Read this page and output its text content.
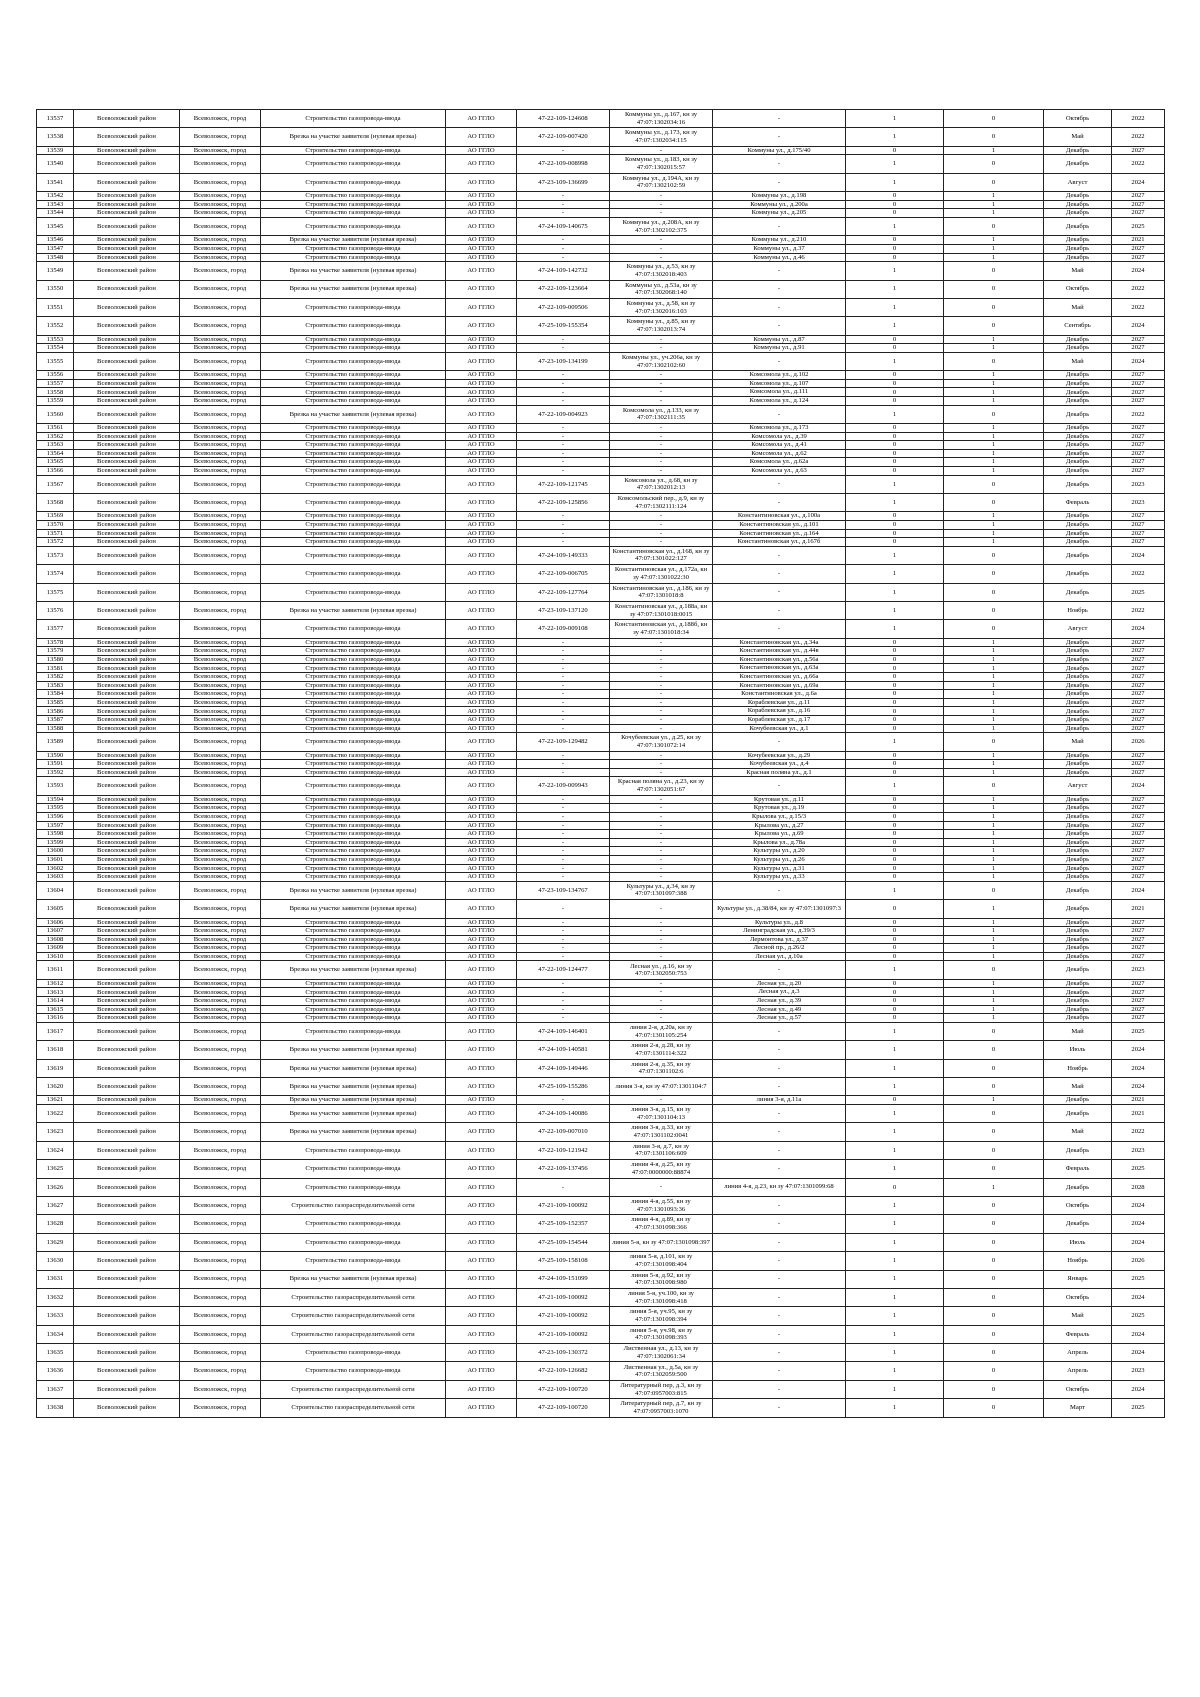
13537	Всеволожский район	Всеволожск, город	Строительство газопровода-ввода	АО ГГЛО	47-22-109-124608	Коммуны ул., д.167, кн зу 47:07:1302034:16	-	1	0	Октябрь	2022
13538	Всеволожский район	Всеволожск, город	Врезка на участке заявителя (нулевая врезка)	АО ГГЛО	47-22-109-007420	Коммуны ул., д.173, кн зу 47:07:1302034:115	-	1	0	Май	2022
13539	Всеволожский район	Всеволожск, город	Строительство газопровода-ввода	АО ГГЛО	-	-	Коммуны ул., д.175/40	0	1	Декабрь	2027
13540	Всеволожский район	Всеволожск, город	Строительство газопровода-ввода	АО ГГЛО	47-22-109-008998	Коммуны ул., д.183, кн зу 47:07:1302015:57	-	1	0	Декабрь	2022
13541	Всеволожский район	Всеволожск, город	Строительство газопровода-ввода	АО ГГЛО	47-23-109-136699	Коммуны ул., д.194А, кн зу 47:07:1302102:59	-	1	0	Август	2024
13542	Всеволожский район	Всеволожск, город	Строительство газопровода-ввода	АО ГГЛО	-	-	Коммуны ул., д.198	0	1	Декабрь	2027
13543	Всеволожский район	Всеволожск, город	Строительство газопровода-ввода	АО ГГЛО	-	-	Коммуны ул., д.200а	0	1	Декабрь	2027
13544	Всеволожский район	Всеволожск, город	Строительство газопровода-ввода	АО ГГЛО	-	-	Коммуны ул., д.205	0	1	Декабрь	2027
13545	Всеволожский район	Всеволожск, город	Строительство газопровода-ввода	АО ГГЛО	47-24-109-140675	Коммуны ул., д.208А, кн зу 47:07:1302102:375	-	1	0	Декабрь	2025
13546	Всеволожский район	Всеволожск, город	Врезка на участке заявителя (нулевая врезка)	АО ГГЛО	-	-	Коммуны ул., д.210	0	1	Декабрь	2021
13547	Всеволожский район	Всеволожск, город	Строительство газопровода-ввода	АО ГГЛО	-	-	Коммуны ул., д.37	0	1	Декабрь	2027
13548	Всеволожский район	Всеволожск, город	Строительство газопровода-ввода	АО ГГЛО	-	-	Коммуны ул., д.46	0	1	Декабрь	2027
13549	Всеволожский район	Всеволожск, город	Врезка на участке заявителя (нулевая врезка)	АО ГГЛО	47-24-109-142732	Коммуны ул., д.53, кн зу 47:07:1302018:403	-	1	0	Май	2024
13550	Всеволожский район	Всеволожск, город	Врезка на участке заявителя (нулевая врезка)	АО ГГЛО	47-22-109-123664	Коммуны ул., д.53а, кн зу 47:07:1302068:140	-	1	0	Октябрь	2022
13551	Всеволожский район	Всеволожск, город	Строительство газопровода-ввода	АО ГГЛО	47-22-109-009506	Коммуны ул., д.58, кн зу 47:07:1302016:103	-	1	0	Май	2022
13552	Всеволожский район	Всеволожск, город	Строительство газопровода-ввода	АО ГГЛО	47-25-109-155354	Коммуны ул., д.85, кн зу 47:07:1302013:74	-	1	0	Сентябрь	2024
13553	Всеволожский район	Всеволожск, город	Строительство газопровода-ввода	АО ГГЛО	-	-	Коммуны ул., д.87	0	1	Декабрь	2027
13554	Всеволожский район	Всеволожск, город	Строительство газопровода-ввода	АО ГГЛО	-	-	Коммуны ул., д.91	0	1	Декабрь	2027
13555	Всеволожский район	Всеволожск, город	Строительство газопровода-ввода	АО ГГЛО	47-23-109-134199	Коммуны ул., уч.206а, кн зу 47:07:1302102:60	-	1	0	Май	2024
13556	Всеволожский район	Всеволожск, город	Строительство газопровода-ввода	АО ГГЛО	-	-	Комсомола ул., д.102	0	1	Декабрь	2027
13557	Всеволожский район	Всеволожск, город	Строительство газопровода-ввода	АО ГГЛО	-	-	Комсомола ул., д.107	0	1	Декабрь	2027
13558	Всеволожский район	Всеволожск, город	Строительство газопровода-ввода	АО ГГЛО	-	-	Комсомола ул., д.111	0	1	Декабрь	2027
13559	Всеволожский район	Всеволожск, город	Строительство газопровода-ввода	АО ГГЛО	-	-	Комсомола ул., д.124	0	1	Декабрь	2027
13560	Всеволожский район	Всеволожск, город	Врезка на участке заявителя (нулевая врезка)	АО ГГЛО	47-22-109-004923	Комсомола ул., д.133, кн зу 47:07:1302111:35	-	1	0	Декабрь	2022
13561	Всеволожский район	Всеволожск, город	Строительство газопровода-ввода	АО ГГЛО	-	-	Комсомола ул., д.173	0	1	Декабрь	2027
13562	Всеволожский район	Всеволожск, город	Строительство газопровода-ввода	АО ГГЛО	-	-	Комсомола ул., д.39	0	1	Декабрь	2027
13563	Всеволожский район	Всеволожск, город	Строительство газопровода-ввода	АО ГГЛО	-	-	Комсомола ул., д.41	0	1	Декабрь	2027
13564	Всеволожский район	Всеволожск, город	Строительство газопровода-ввода	АО ГГЛО	-	-	Комсомола ул., д.62	0	1	Декабрь	2027
13565	Всеволожский район	Всеволожск, город	Строительство газопровода-ввода	АО ГГЛО	-	-	Комсомола ул., д.62а	0	1	Декабрь	2027
13566	Всеволожский район	Всеволожск, город	Строительство газопровода-ввода	АО ГГЛО	-	-	Комсомола ул., д.63	0	1	Декабрь	2027
13567	Всеволожский район	Всеволожск, город	Строительство газопровода-ввода	АО ГГЛО	47-22-109-121745	Комсомола ул., д.68, кн зу 47:07:1302012:13	-	1	0	Декабрь	2023
13568	Всеволожский район	Всеволожск, город	Строительство газопровода-ввода	АО ГГЛО	47-22-109-125856	Комсомольский пер., д.9, кн зу 47:07:1302111:124	-	1	0	Февраль	2023
13569	Всеволожский район	Всеволожск, город	Строительство газопровода-ввода	АО ГГЛО	-	-	Константиновская ул., д.100а	0	1	Декабрь	2027
13570	Всеволожский район	Всеволожск, город	Строительство газопровода-ввода	АО ГГЛО	-	-	Константиновская ул., д.101	0	1	Декабрь	2027
13571	Всеволожский район	Всеволожск, город	Строительство газопровода-ввода	АО ГГЛО	-	-	Константиновская ул., д.164	0	1	Декабрь	2027
13572	Всеволожский район	Всеволожск, город	Строительство газопровода-ввода	АО ГГЛО	-	-	Константиновская ул., д.167б	0	1	Декабрь	2027
13573	Всеволожский район	Всеволожск, город	Строительство газопровода-ввода	АО ГГЛО	47-24-109-149333	Константиновская ул., д.168, кн зу 47:07:1301022:127	-	1	0	Декабрь	2024
13574	Всеволожский район	Всеволожск, город	Строительство газопровода-ввода	АО ГГЛО	47-22-109-006705	Константиновская ул., д.172а, кн зу 47:07:1301022:30	-	1	0	Декабрь	2022
13575	Всеволожский район	Всеволожск, город	Строительство газопровода-ввода	АО ГГЛО	47-22-109-127764	Константиновская ул., д.186, кн зу 47:07:1301018:8	-	1	0	Декабрь	2025
13576	Всеволожский район	Всеволожск, город	Врезка на участке заявителя (нулевая врезка)	АО ГГЛО	47-23-109-137120	Константиновская ул., д.188а, кн зу 47:07:1301018:0015	-	1	0	Ноябрь	2022
13577	Всеволожский район	Всеволожск, город	Строительство газопровода-ввода	АО ГГЛО	47-22-109-009108	Константиновская ул., д.188б, кн зу 47:07:1301018:34	-	1	0	Август	2024
13578	Всеволожский район	Всеволожск, город	Строительство газопровода-ввода	АО ГГЛО	-	-	Константиновская ул., д.34а	0	1	Декабрь	2027
13579	Всеволожский район	Всеволожск, город	Строительство газопровода-ввода	АО ГГЛО	-	-	Константиновская ул., д.44в	0	1	Декабрь	2027
13580	Всеволожский район	Всеволожск, город	Строительство газопровода-ввода	АО ГГЛО	-	-	Константиновская ул., д.56а	0	1	Декабрь	2027
13581	Всеволожский район	Всеволожск, город	Строительство газопровода-ввода	АО ГГЛО	-	-	Константиновская ул., д.63а	0	1	Декабрь	2027
13582	Всеволожский район	Всеволожск, город	Строительство газопровода-ввода	АО ГГЛО	-	-	Константиновская ул., д.66а	0	1	Декабрь	2027
13583	Всеволожский район	Всеволожск, город	Строительство газопровода-ввода	АО ГГЛО	-	-	Константиновская ул., д.69а	0	1	Декабрь	2027
13584	Всеволожский район	Всеволожск, город	Строительство газопровода-ввода	АО ГГЛО	-	-	Константиновская ул., д.6а	0	1	Декабрь	2027
13585	Всеволожский район	Всеволожск, город	Строительство газопровода-ввода	АО ГГЛО	-	-	Кораблевская ул., д.11	0	1	Декабрь	2027
13586	Всеволожский район	Всеволожск, город	Строительство газопровода-ввода	АО ГГЛО	-	-	Кораблевская ул., д.16	0	1	Декабрь	2027
13587	Всеволожский район	Всеволожск, город	Строительство газопровода-ввода	АО ГГЛО	-	-	Кораблевская ул., д.17	0	1	Декабрь	2027
13588	Всеволожский район	Всеволожск, город	Строительство газопровода-ввода	АО ГГЛО	-	-	Кочубеевская ул., д.1	0	1	Декабрь	2027
13589	Всеволожский район	Всеволожск, город	Строительство газопровода-ввода	АО ГГЛО	47-22-109-129482	Кочубеевская ул., д.25, кн зу 47:07:1301072:14	-	1	0	Май	2026
13590	Всеволожский район	Всеволожск, город	Строительство газопровода-ввода	АО ГГЛО	-	-	Кочубеевская ул., д.29	0	1	Декабрь	2027
13591	Всеволожский район	Всеволожск, город	Строительство газопровода-ввода	АО ГГЛО	-	-	Кочубеевская ул., д.4	0	1	Декабрь	2027
13592	Всеволожский район	Всеволожск, город	Строительство газопровода-ввода	АО ГГЛО	-	-	Красная поляна ул., д.1	0	1	Декабрь	2027
13593	Всеволожский район	Всеволожск, город	Строительство газопровода-ввода	АО ГГЛО	47-22-109-009943	Красная поляна ул., д.23, кн зу 47:07:1302051:67	-	1	0	Август	2024
13594	Всеволожский район	Всеволожск, город	Строительство газопровода-ввода	АО ГГЛО	-	-	Крутовая ул., д.11	0	1	Декабрь	2027
13595	Всеволожский район	Всеволожск, город	Строительство газопровода-ввода	АО ГГЛО	-	-	Крутовая ул., д.19	0	1	Декабрь	2027
13596	Всеволожский район	Всеволожск, город	Строительство газопровода-ввода	АО ГГЛО	-	-	Крылова ул., д.15/3	0	1	Декабрь	2027
13597	Всеволожский район	Всеволожск, город	Строительство газопровода-ввода	АО ГГЛО	-	-	Крылова ул., д.27	0	1	Декабрь	2027
13598	Всеволожский район	Всеволожск, город	Строительство газопровода-ввода	АО ГГЛО	-	-	Крылова ул., д.69	0	1	Декабрь	2027
13599	Всеволожский район	Всеволожск, город	Строительство газопровода-ввода	АО ГГЛО	-	-	Крылова ул., д.78а	0	1	Декабрь	2027
13600	Всеволожский район	Всеволожск, город	Строительство газопровода-ввода	АО ГГЛО	-	-	Культуры ул., д.20	0	1	Декабрь	2027
13601	Всеволожский район	Всеволожск, город	Строительство газопровода-ввода	АО ГГЛО	-	-	Культуры ул., д.26	0	1	Декабрь	2027
13602	Всеволожский район	Всеволожск, город	Строительство газопровода-ввода	АО ГГЛО	-	-	Культуры ул., д.31	0	1	Декабрь	2027
13603	Всеволожский район	Всеволожск, город	Строительство газопровода-ввода	АО ГГЛО	-	-	Культуры ул., д.33	0	1	Декабрь	2027
13604	Всеволожский район	Всеволожск, город	Врезка на участке заявителя (нулевая врезка)	АО ГГЛО	47-23-109-134767	Культуры ул., д.34, кн зу 47:07:1301097:388	-	1	0	Декабрь	2024
13605	Всеволожский район	Всеволожск, город	Врезка на участке заявителя (нулевая врезка)	АО ГГЛО	-	-	Культуры ул., д.38/84, кн зу 47:07:1301097:3	0	1	Декабрь	2021
13606	Всеволожский район	Всеволожск, город	Строительство газопровода-ввода	АО ГГЛО	-	-	Культуры ул., д.8	0	1	Декабрь	2027
13607	Всеволожский район	Всеволожск, город	Строительство газопровода-ввода	АО ГГЛО	-	-	Ленинградская ул., д.39/3	0	1	Декабрь	2027
13608	Всеволожский район	Всеволожск, город	Строительство газопровода-ввода	АО ГГЛО	-	-	Лермонтова ул., д.37	0	1	Декабрь	2027
13609	Всеволожский район	Всеволожск, город	Строительство газопровода-ввода	АО ГГЛО	-	-	Лесной пр., д.26/2	0	1	Декабрь	2027
13610	Всеволожский район	Всеволожск, город	Строительство газопровода-ввода	АО ГГЛО	-	-	Лесная ул., д.10а	0	1	Декабрь	2027
13611	Всеволожский район	Всеволожск, город	Врезка на участке заявителя (нулевая врезка)	АО ГГЛО	47-22-109-124477	Лесная ул., д.16, кн зу 47:07:1302050:753	-	1	0	Декабрь	2023
13612	Всеволожский район	Всеволожск, город	Строительство газопровода-ввода	АО ГГЛО	-	-	Лесная ул., д.20	0	1	Декабрь	2027
13613	Всеволожский район	Всеволожск, город	Строительство газопровода-ввода	АО ГГЛО	-	-	Лесная ул., д.3	0	1	Декабрь	2027
13614	Всеволожский район	Всеволожск, город	Строительство газопровода-ввода	АО ГГЛО	-	-	Лесная ул., д.39	0	1	Декабрь	2027
13615	Всеволожский район	Всеволожск, город	Строительство газопровода-ввода	АО ГГЛО	-	-	Лесная ул., д.49	0	1	Декабрь	2027
13616	Всеволожский район	Всеволожск, город	Строительство газопровода-ввода	АО ГГЛО	-	-	Лесная ул., д.57	0	1	Декабрь	2027
13617	Всеволожский район	Всеволожск, город	Строительство газопровода-ввода	АО ГГЛО	47-24-109-146401	линия 2-я, д.20а, кн зу 47:07:1301105:254	-	1	0	Май	2025
13618	Всеволожский район	Всеволожск, город	Врезка на участке заявителя (нулевая врезка)	АО ГГЛО	47-24-109-140581	линия 2-я, д.28, кн зу 47:07:1301114:322	-	1	0	Июль	2024
13619	Всеволожский район	Всеволожск, город	Врезка на участке заявителя (нулевая врезка)	АО ГГЛО	47-24-109-149446	линия 2-я, д.35, кн зу 47:07:1301102:6	-	1	0	Ноябрь	2024
13620	Всеволожский район	Всеволожск, город	Врезка на участке заявителя (нулевая врезка)	АО ГГЛО	47-25-109-155286	линия 3-я, кн зу 47:07:1301104:7	-	1	0	Май	2024
13621	Всеволожский район	Всеволожск, город	Врезка на участке заявителя (нулевая врезка)	АО ГГЛО	-	-	линия 3-я, д.11а	0	1	Декабрь	2021
13622	Всеволожский район	Всеволожск, город	Врезка на участке заявителя (нулевая врезка)	АО ГГЛО	47-24-109-140086	линия 3-я, д.15, кн зу 47:07:1301104:13	-	1	0	Декабрь	2021
13623	Всеволожский район	Всеволожск, город	Врезка на участке заявителя (нулевая врезка)	АО ГГЛО	47-22-109-007010	линия 3-я, д.33, кн зу 47:07:1301102:0041	-	1	0	Май	2022
13624	Всеволожский район	Всеволожск, город	Строительство газопровода-ввода	АО ГГЛО	47-22-109-121942	линия 3-я, д.7, кн зу 47:07:1301106:609	-	1	0	Декабрь	2023
13625	Всеволожский район	Всеволожск, город	Строительство газопровода-ввода	АО ГГЛО	47-22-109-137456	линия 4-я, д.25, кн зу 47:07:0000000:88874	-	1	0	Февраль	2025
13626	Всеволожский район	Всеволожск, город	Строительство газопровода-ввода	АО ГГЛО	-	-	линия 4-я, д.23, кн зу 47:07:1301099:68	0	1	Декабрь	2028
13627	Всеволожский район	Всеволожск, город	Строительство газораспределительной сети	АО ГГЛО	47-21-109-100092	линия 4-я, д.55, кн зу 47:07:1301093:36	-	1	0	Октябрь	2024
13628	Всеволожский район	Всеволожск, город	Строительство газопровода-ввода	АО ГГЛО	47-25-109-152357	линия 4-я, д.89, кн зу 47:07:1301098:366	-	1	0	Декабрь	2024
13629	Всеволожский район	Всеволожск, город	Строительство газопровода-ввода	АО ГГЛО	47-25-109-154544	линия 5-я, кн зу 47:07:1301098:397	-	1	0	Июль	2024
13630	Всеволожский район	Всеволожск, город	Строительство газопровода-ввода	АО ГГЛО	47-25-109-158108	линия 5-я, д.101, кн зу 47:07:1301098:404	-	1	0	Ноябрь	2026
13631	Всеволожский район	Всеволожск, город	Врезка на участке заявителя (нулевая врезка)	АО ГГЛО	47-24-109-151099	линия 5-я, д.92, кн зу 47:07:1301098:980	-	1	0	Январь	2025
13632	Всеволожский район	Всеволожск, город	Строительство газораспределительной сети	АО ГГЛО	47-21-109-100092	линия 5-я, уч.100, кн зу 47:07:1301098:418	-	1	0	Октябрь	2024
13633	Всеволожский район	Всеволожск, город	Строительство газораспределительной сети	АО ГГЛО	47-21-109-100092	линия 5-я, уч.95, кн зу 47:07:1301098:394	-	1	0	Май	2025
13634	Всеволожский район	Всеволожск, город	Строительство газораспределительной сети	АО ГГЛО	47-21-109-100092	линия 5-я, уч.98, кн зу 47:07:1301098:393	-	1	0	Февраль	2024
13635	Всеволожский район	Всеволожск, город	Строительство газопровода-ввода	АО ГГЛО	47-23-109-130372	Лиственная ул., д.13, кн зу 47:07:1302061:34	-	1	0	Апрель	2024
13636	Всеволожский район	Всеволожск, город	Строительство газопровода-ввода	АО ГГЛО	47-22-109-126682	Лиственная ул., д.5а, кн зу 47:07:1302059:500	-	1	0	Апрель	2023
13637	Всеволожский район	Всеволожск, город	Строительство газораспределительной сети	АО ГГЛО	47-22-109-100720	Литературный пер, д.3, кн зу 47:07:0957003:815	-	1	0	Октябрь	2024
13638	Всеволожский район	Всеволожск, город	Строительство газораспределительной сети	АО ГГЛО	47-22-109-100720	Литературный пер, д.7, кн зу 47:07:0957003:1070	-	1	0	Март	2025
